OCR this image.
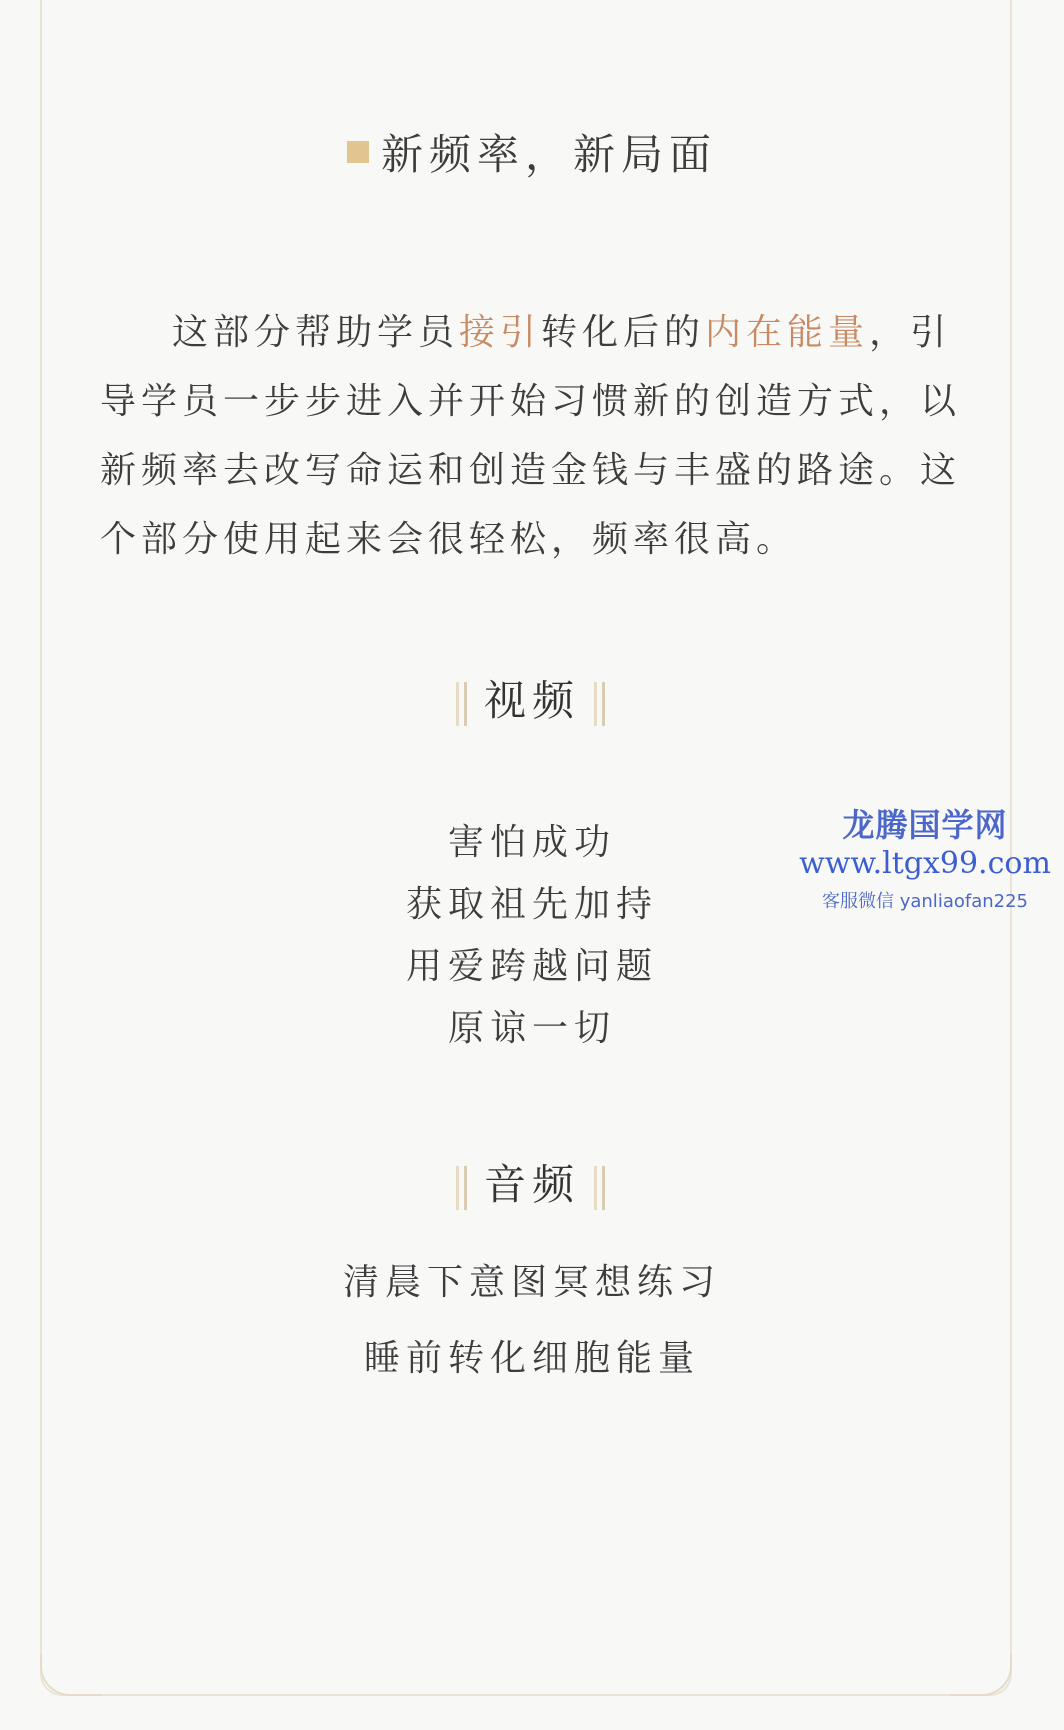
新频率，新局面
这部分帮助学员接引转化后的内在能量，引导学员一步步进入并开始习惯新的创造方式，以新频率去改写命运和创造金钱与丰盛的路途。这个部分使用起来会很轻松，频率很高。
视频
害怕成功
获取祖先加持
用爱跨越问题
原谅一切
音频
清晨下意图冥想练习
睡前转化细胞能量
龙腾国学网
www.ltgx99.com
客服微信 yanliaofan225
